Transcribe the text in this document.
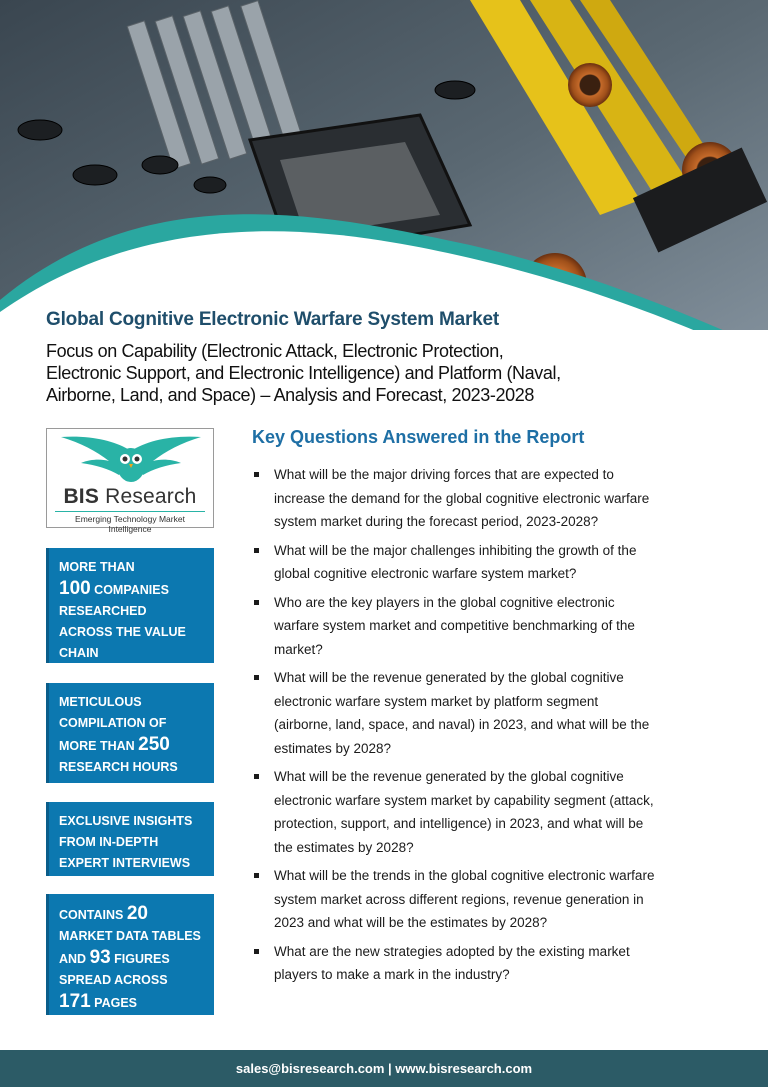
Global Cognitive Electronic Warfare System Market
Focus on Capability (Electronic Attack, Electronic Protection,
Electronic Support, and Electronic Intelligence) and Platform (Naval,
Airborne, Land, and Space) – Analysis and Forecast, 2023-2028
BIS Research
Emerging Technology Market Intelligence
MORE THAN
100 COMPANIES
RESEARCHED
ACROSS THE VALUE
CHAIN
METICULOUS
COMPILATION OF
MORE THAN 250
RESEARCH HOURS
EXCLUSIVE INSIGHTS
FROM IN-DEPTH
EXPERT INTERVIEWS
CONTAINS 20
MARKET DATA TABLES
AND 93 FIGURES
SPREAD ACROSS
171 PAGES
Key Questions Answered in the Report
What will be the major driving forces that are expected to
increase the demand for the global cognitive electronic warfare
system market during the forecast period, 2023-2028?
What will be the major challenges inhibiting the growth of the
global cognitive electronic warfare system market?
Who are the key players in the global cognitive electronic
warfare system market and competitive benchmarking of the
market?
What will be the revenue generated by the global cognitive
electronic warfare system market by platform segment
(airborne, land, space, and naval) in 2023, and what will be the
estimates by 2028?
What will be the revenue generated by the global cognitive
electronic warfare system market by capability segment (attack,
protection, support, and intelligence) in 2023, and what will be
the estimates by 2028?
What will be the trends in the global cognitive electronic warfare
system market across different regions, revenue generation in
2023 and what will be the estimates by 2028?
What are the new strategies adopted by the existing market
players to make a mark in the industry?
sales@bisresearch.com | www.bisresearch.com
